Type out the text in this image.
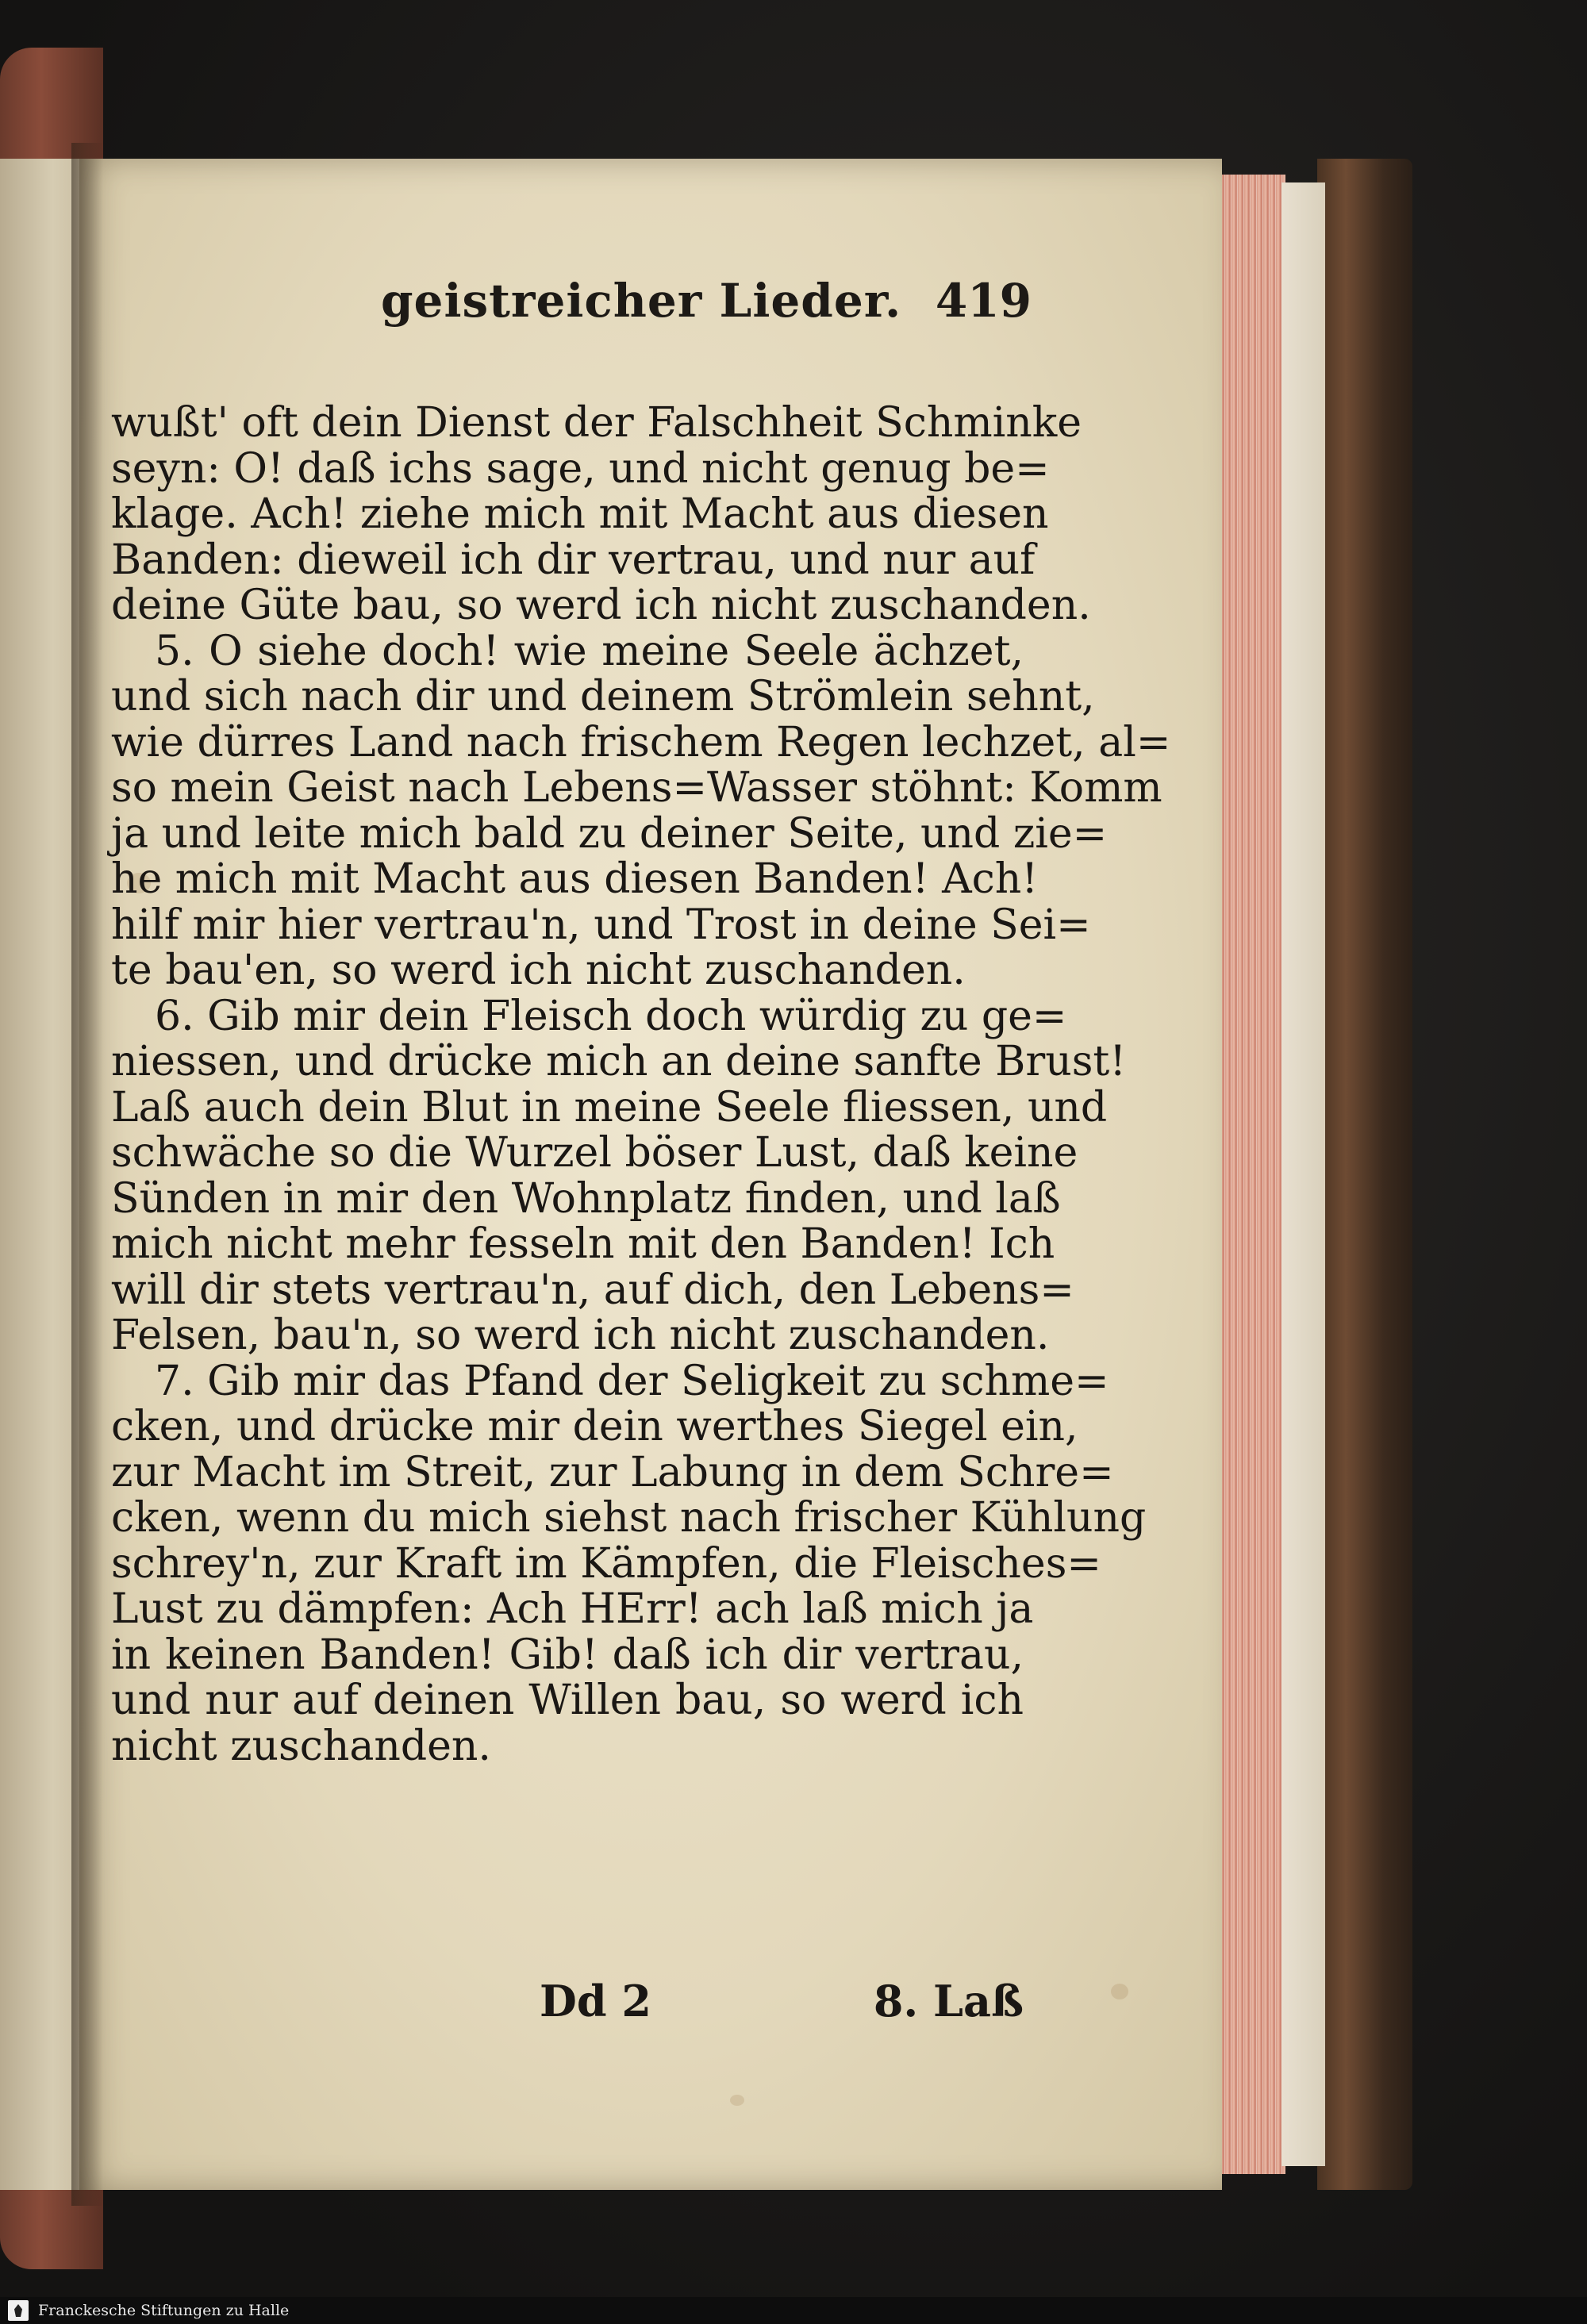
geistreicher Lieder. 419
wußt' oft dein Dienst der Falschheit Schminke
seyn: O! daß ichs sage, und nicht genug be=
klage. Ach! ziehe mich mit Macht aus diesen
Banden: dieweil ich dir vertrau, und nur auf
deine Güte bau, so werd ich nicht zuschanden.
5. O siehe doch! wie meine Seele ächzet,
und sich nach dir und deinem Strömlein sehnt,
wie dürres Land nach frischem Regen lechzet, al=
so mein Geist nach Lebens=Wasser stöhnt: Komm
ja und leite mich bald zu deiner Seite, und zie=
he mich mit Macht aus diesen Banden! Ach!
hilf mir hier vertrau'n, und Trost in deine Sei=
te bau'en, so werd ich nicht zuschanden.
6. Gib mir dein Fleisch doch würdig zu ge=
niessen, und drücke mich an deine sanfte Brust!
Laß auch dein Blut in meine Seele fliessen, und
schwäche so die Wurzel böser Lust, daß keine
Sünden in mir den Wohnplatz finden, und laß
mich nicht mehr fesseln mit den Banden! Ich
will dir stets vertrau'n, auf dich, den Lebens=
Felsen, bau'n, so werd ich nicht zuschanden.
7. Gib mir das Pfand der Seligkeit zu schme=
cken, und drücke mir dein werthes Siegel ein,
zur Macht im Streit, zur Labung in dem Schre=
cken, wenn du mich siehst nach frischer Kühlung
schrey'n, zur Kraft im Kämpfen, die Fleisches=
Lust zu dämpfen: Ach HErr! ach laß mich ja
in keinen Banden! Gib! daß ich dir vertrau,
und nur auf deinen Willen bau, so werd ich
nicht zuschanden.
Dd 2	8. Laß
Franckesche Stiftungen zu Halle
